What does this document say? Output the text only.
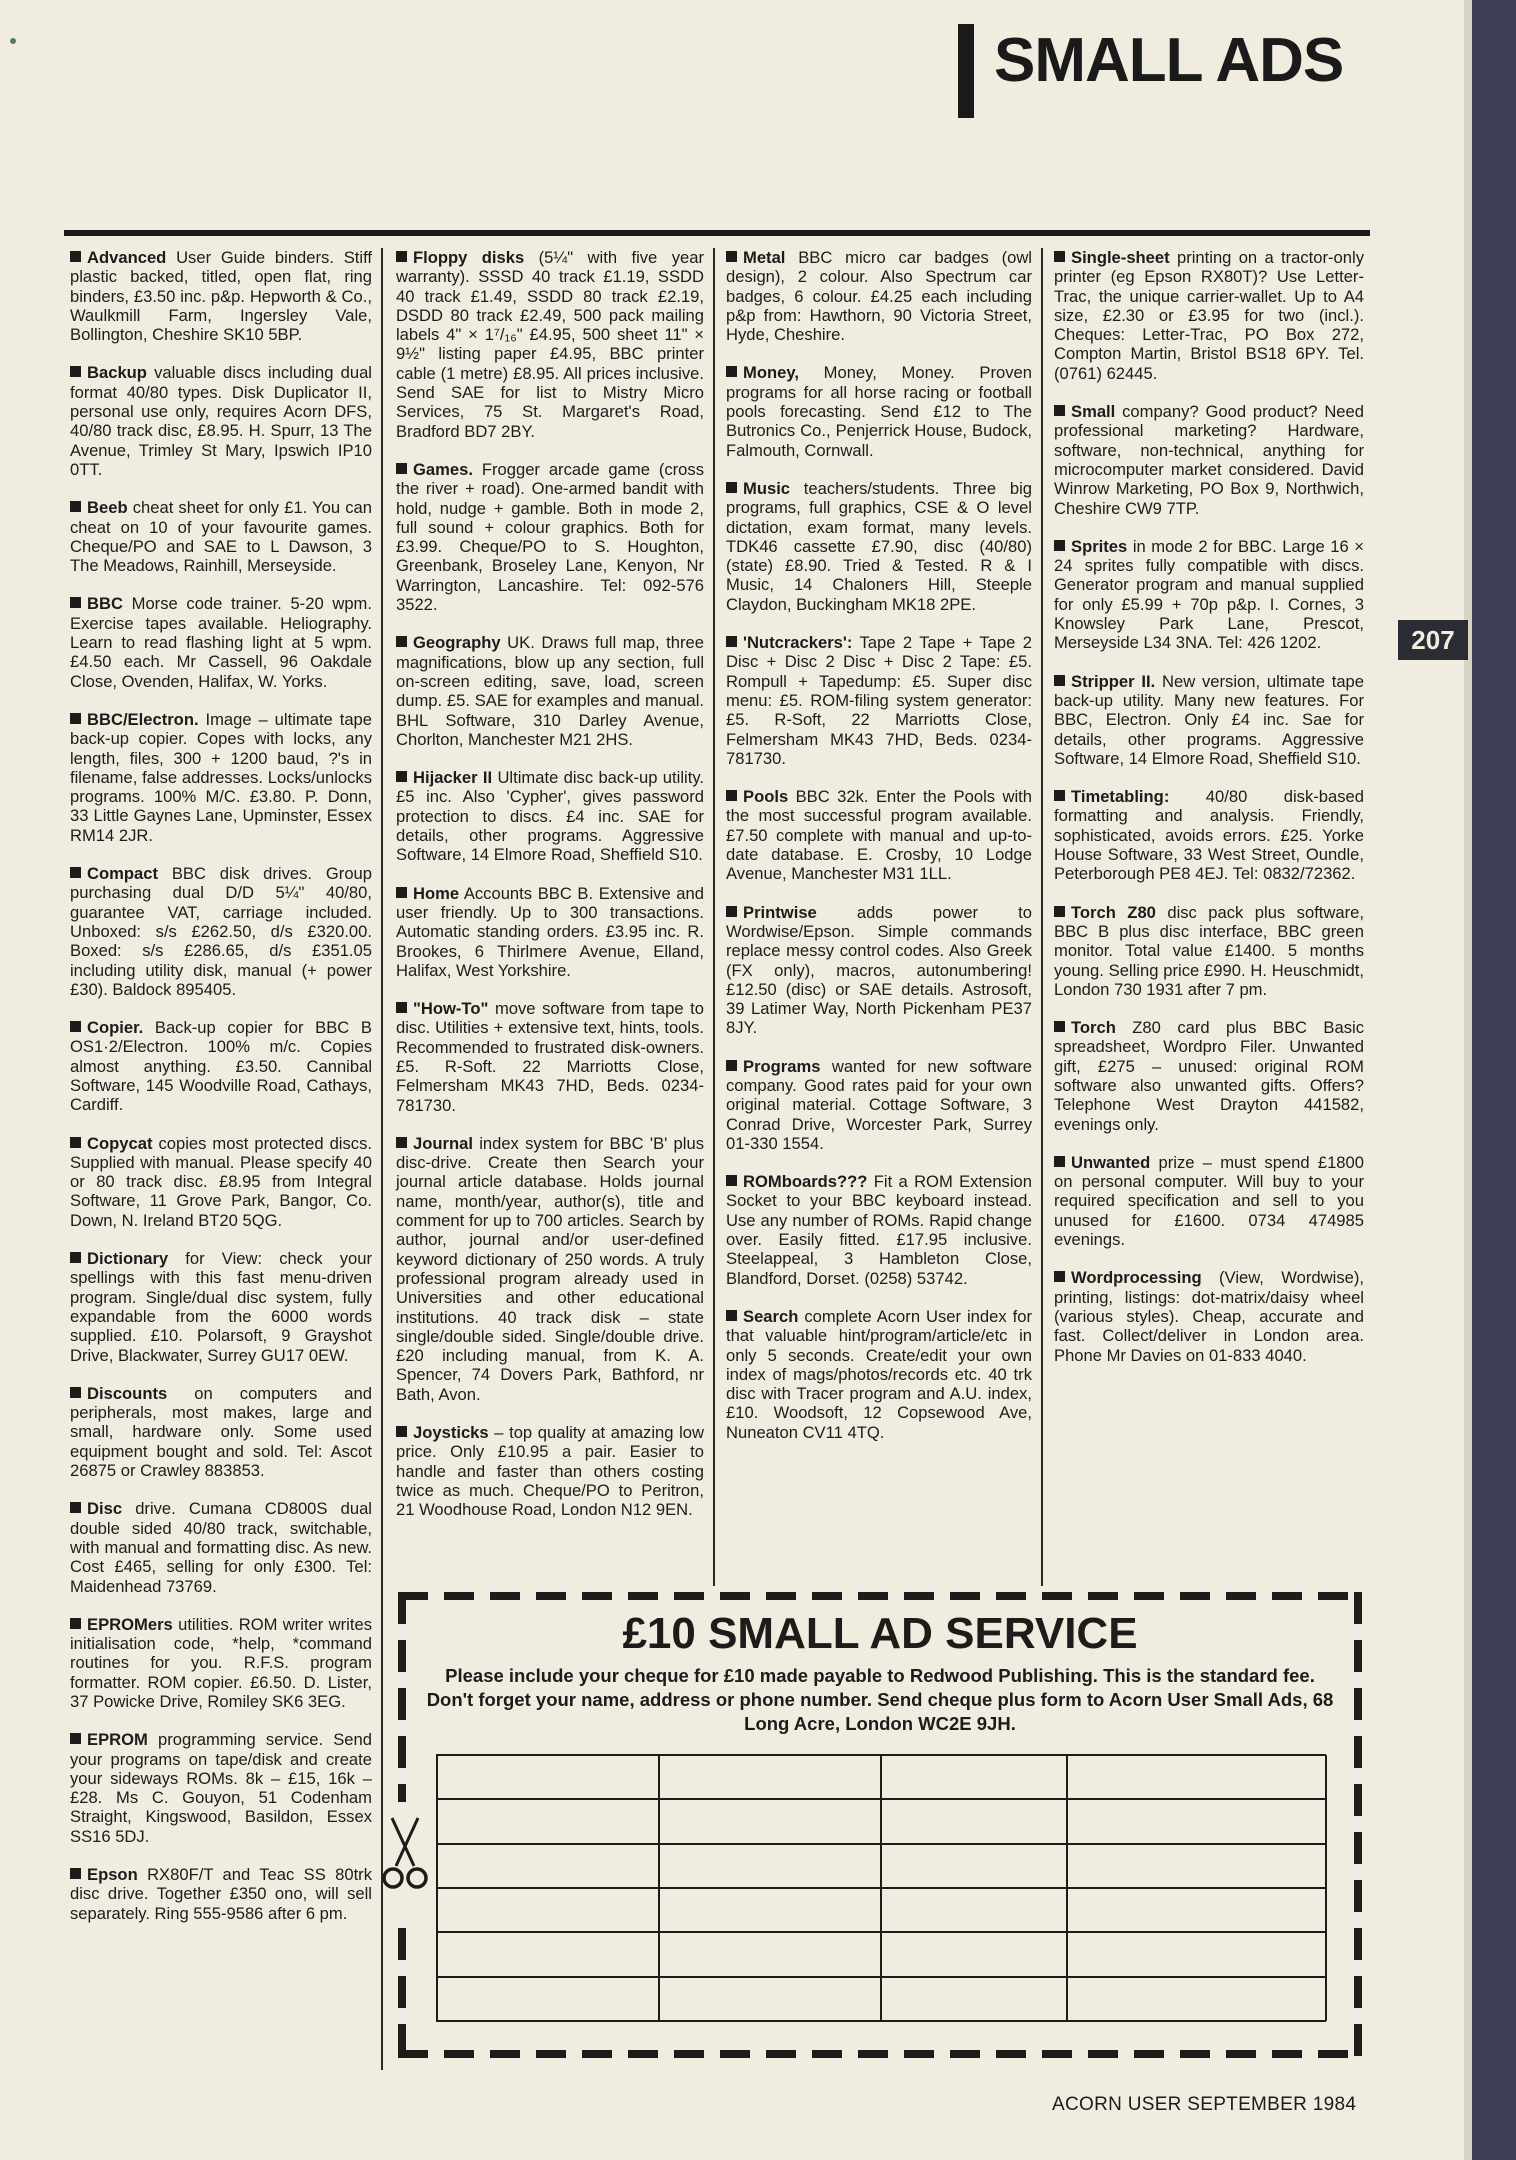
SMALL ADS
207
Advanced User Guide binders. Stiff plastic backed, titled, open flat, ring binders, £3.50 inc. p&p. Hepworth & Co., Waulkmill Farm, Ingersley Vale, Bollington, Cheshire SK10 5BP.
Backup valuable discs including dual format 40/80 types. Disk Duplicator II, personal use only, requires Acorn DFS, 40/80 track disc, £8.95. H. Spurr, 13 The Avenue, Trimley St Mary, Ipswich IP10 0TT.
Beeb cheat sheet for only £1. You can cheat on 10 of your favourite games. Cheque/PO and SAE to L Dawson, 3 The Meadows, Rainhill, Merseyside.
BBC Morse code trainer. 5-20 wpm. Exercise tapes available. Heliography. Learn to read flashing light at 5 wpm. £4.50 each. Mr Cassell, 96 Oakdale Close, Ovenden, Halifax, W. Yorks.
BBC/Electron. Image – ultimate tape back-up copier. Copes with locks, any length, files, 300 + 1200 baud, ?'s in filename, false addresses. Locks/unlocks programs. 100% M/C. £3.80. P. Donn, 33 Little Gaynes Lane, Upminster, Essex RM14 2JR.
Compact BBC disk drives. Group purchasing dual D/D 5¼" 40/80, guarantee VAT, carriage included. Unboxed: s/s £262.50, d/s £320.00. Boxed: s/s £286.65, d/s £351.05 including utility disk, manual (+ power £30). Baldock 895405.
Copier. Back-up copier for BBC B OS1·2/Electron. 100% m/c. Copies almost anything. £3.50. Cannibal Software, 145 Woodville Road, Cathays, Cardiff.
Copycat copies most protected discs. Supplied with manual. Please specify 40 or 80 track disc. £8.95 from Integral Software, 11 Grove Park, Bangor, Co. Down, N. Ireland BT20 5QG.
Dictionary for View: check your spellings with this fast menu-driven program. Single/dual disc system, fully expandable from the 6000 words supplied. £10. Polarsoft, 9 Grayshot Drive, Blackwater, Surrey GU17 0EW.
Discounts on computers and peripherals, most makes, large and small, hardware only. Some used equipment bought and sold. Tel: Ascot 26875 or Crawley 883853.
Disc drive. Cumana CD800S dual double sided 40/80 track, switchable, with manual and formatting disc. As new. Cost £465, selling for only £300. Tel: Maidenhead 73769.
EPROMers utilities. ROM writer writes initialisation code, *help, *command routines for you. R.F.S. program formatter. ROM copier. £6.50. D. Lister, 37 Powicke Drive, Romiley SK6 3EG.
EPROM programming service. Send your programs on tape/disk and create your sideways ROMs. 8k – £15, 16k – £28. Ms C. Gouyon, 51 Codenham Straight, Kingswood, Basildon, Essex SS16 5DJ.
Epson RX80F/T and Teac SS 80trk disc drive. Together £350 ono, will sell separately. Ring 555-9586 after 6 pm.
Floppy disks (5¼" with five year warranty). SSSD 40 track £1.19, SSDD 40 track £1.49, SSDD 80 track £2.19, DSDD 80 track £2.49, 500 pack mailing labels 4" × 1⁷/₁₆" £4.95, 500 sheet 11" × 9½" listing paper £4.95, BBC printer cable (1 metre) £8.95. All prices inclusive. Send SAE for list to Mistry Micro Services, 75 St. Margaret's Road, Bradford BD7 2BY.
Games. Frogger arcade game (cross the river + road). One-armed bandit with hold, nudge + gamble. Both in mode 2, full sound + colour graphics. Both for £3.99. Cheque/PO to S. Houghton, Greenbank, Broseley Lane, Kenyon, Nr Warrington, Lancashire. Tel: 092-576 3522.
Geography UK. Draws full map, three magnifications, blow up any section, full on-screen editing, save, load, screen dump. £5. SAE for examples and manual. BHL Software, 310 Darley Avenue, Chorlton, Manchester M21 2HS.
Hijacker II Ultimate disc back-up utility. £5 inc. Also 'Cypher', gives password protection to discs. £4 inc. SAE for details, other programs. Aggressive Software, 14 Elmore Road, Sheffield S10.
Home Accounts BBC B. Extensive and user friendly. Up to 300 transactions. Automatic standing orders. £3.95 inc. R. Brookes, 6 Thirlmere Avenue, Elland, Halifax, West Yorkshire.
"How-To" move software from tape to disc. Utilities + extensive text, hints, tools. Recommended to frustrated disk-owners. £5. R-Soft. 22 Marriotts Close, Felmersham MK43 7HD, Beds. 0234-781730.
Journal index system for BBC 'B' plus disc-drive. Create then Search your journal article database. Holds journal name, month/year, author(s), title and comment for up to 700 articles. Search by author, journal and/or user-defined keyword dictionary of 250 words. A truly professional program already used in Universities and other educational institutions. 40 track disk – state single/double sided. Single/double drive. £20 including manual, from K. A. Spencer, 74 Dovers Park, Bathford, nr Bath, Avon.
Joysticks – top quality at amazing low price. Only £10.95 a pair. Easier to handle and faster than others costing twice as much. Cheque/PO to Peritron, 21 Woodhouse Road, London N12 9EN.
Metal BBC micro car badges (owl design), 2 colour. Also Spectrum car badges, 6 colour. £4.25 each including p&p from: Hawthorn, 90 Victoria Street, Hyde, Cheshire.
Money, Money, Money. Proven programs for all horse racing or football pools forecasting. Send £12 to The Butronics Co., Penjerrick House, Budock, Falmouth, Cornwall.
Music teachers/students. Three big programs, full graphics, CSE & O level dictation, exam format, many levels. TDK46 cassette £7.90, disc (40/80) (state) £8.90. Tried & Tested. R & I Music, 14 Chaloners Hill, Steeple Claydon, Buckingham MK18 2PE.
'Nutcrackers': Tape 2 Tape + Tape 2 Disc + Disc 2 Disc + Disc 2 Tape: £5. Rompull + Tapedump: £5. Super disc menu: £5. ROM-filing system generator: £5. R-Soft, 22 Marriotts Close, Felmersham MK43 7HD, Beds. 0234-781730.
Pools BBC 32k. Enter the Pools with the most successful program available. £7.50 complete with manual and up-to-date database. E. Crosby, 10 Lodge Avenue, Manchester M31 1LL.
Printwise adds power to Wordwise/Epson. Simple commands replace messy control codes. Also Greek (FX only), macros, autonumbering! £12.50 (disc) or SAE details. Astrosoft, 39 Latimer Way, North Pickenham PE37 8JY.
Programs wanted for new software company. Good rates paid for your own original material. Cottage Software, 3 Conrad Drive, Worcester Park, Surrey 01-330 1554.
ROMboards??? Fit a ROM Extension Socket to your BBC keyboard instead. Use any number of ROMs. Rapid change over. Easily fitted. £17.95 inclusive. Steelappeal, 3 Hambleton Close, Blandford, Dorset. (0258) 53742.
Search complete Acorn User index for that valuable hint/program/article/etc in only 5 seconds. Create/edit your own index of mags/photos/records etc. 40 trk disc with Tracer program and A.U. index, £10. Woodsoft, 12 Copsewood Ave, Nuneaton CV11 4TQ.
Single-sheet printing on a tractor-only printer (eg Epson RX80T)? Use Letter-Trac, the unique carrier-wallet. Up to A4 size, £2.30 or £3.95 for two (incl.). Cheques: Letter-Trac, PO Box 272, Compton Martin, Bristol BS18 6PY. Tel. (0761) 62445.
Small company? Good product? Need professional marketing? Hardware, software, non-technical, anything for microcomputer market considered. David Winrow Marketing, PO Box 9, Northwich, Cheshire CW9 7TP.
Sprites in mode 2 for BBC. Large 16 × 24 sprites fully compatible with discs. Generator program and manual supplied for only £5.99 + 70p p&p. I. Cornes, 3 Knowsley Park Lane, Prescot, Merseyside L34 3NA. Tel: 426 1202.
Stripper II. New version, ultimate tape back-up utility. Many new features. For BBC, Electron. Only £4 inc. Sae for details, other programs. Aggressive Software, 14 Elmore Road, Sheffield S10.
Timetabling: 40/80 disk-based formatting and analysis. Friendly, sophisticated, avoids errors. £25. Yorke House Software, 33 West Street, Oundle, Peterborough PE8 4EJ. Tel: 0832/72362.
Torch Z80 disc pack plus software, BBC B plus disc interface, BBC green monitor. Total value £1400. 5 months young. Selling price £990. H. Heuschmidt, London 730 1931 after 7 pm.
Torch Z80 card plus BBC Basic spreadsheet, Wordpro Filer. Unwanted gift, £275 – unused: original ROM software also unwanted gifts. Offers? Telephone West Drayton 441582, evenings only.
Unwanted prize – must spend £1800 on personal computer. Will buy to your required specification and sell to you unused for £1600. 0734 474985 evenings.
Wordprocessing (View, Wordwise), printing, listings: dot-matrix/daisy wheel (various styles). Cheap, accurate and fast. Collect/deliver in London area. Phone Mr Davies on 01-833 4040.
£10 SMALL AD SERVICE
Please include your cheque for £10 made payable to Redwood Publishing. This is the standard fee. Don't forget your name, address or phone number. Send cheque plus form to Acorn User Small Ads, 68 Long Acre, London WC2E 9JH.
ACORN USER SEPTEMBER 1984
